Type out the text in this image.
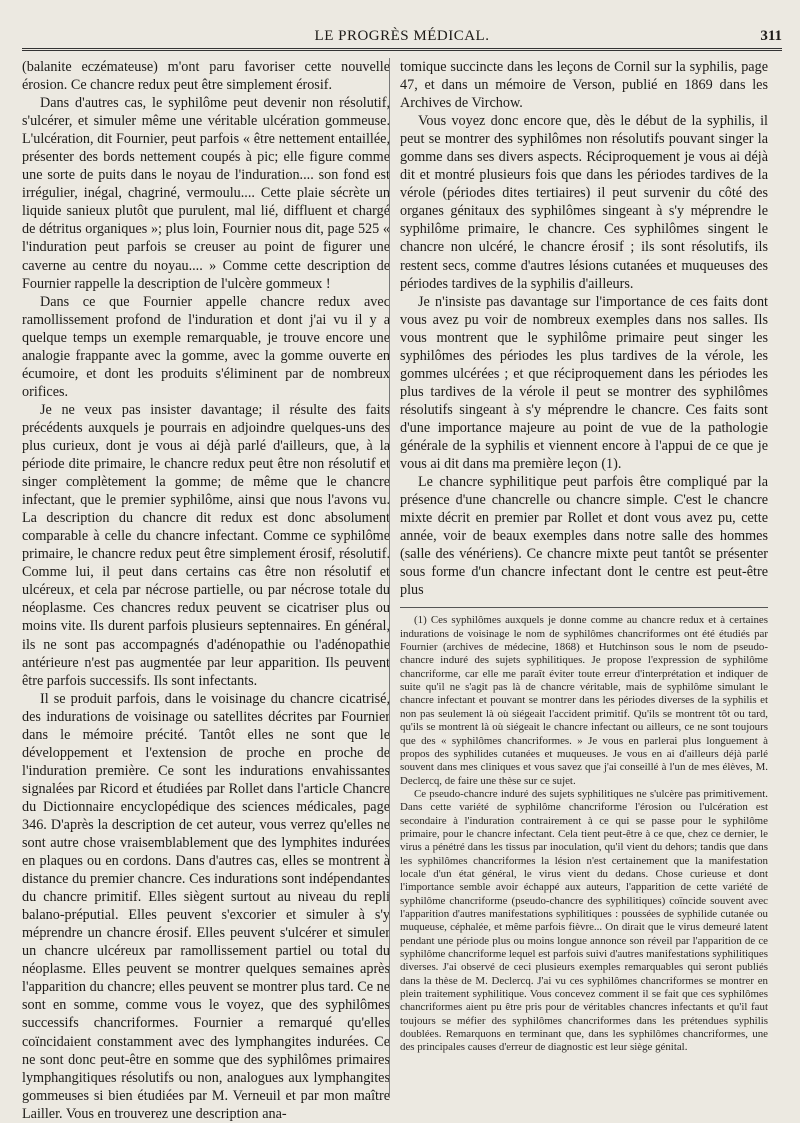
LE PROGRÈS MÉDICAL.	311

(balanite eczémateuse) m'ont paru favoriser cette nouvelle érosion. Ce chancre redux peut être simplement érosif.

Dans d'autres cas, le syphilôme peut devenir non résolutif, s'ulcérer, et simuler même une véritable ulcération gommeuse. L'ulcération, dit Fournier, peut parfois « être nettement entaillée, présenter des bords nettement coupés à pic; elle figure comme une sorte de puits dans le noyau de l'induration.... son fond est irrégulier, inégal, chagriné, vermoulu.... Cette plaie sécrète un liquide sanieux plutôt que purulent, mal lié, diffluent et chargé de détritus organiques »; plus loin, Fournier nous dit, page 525 « l'induration peut parfois se creuser au point de figurer une caverne au centre du noyau.... » Comme cette description de Fournier rappelle la description de l'ulcère gommeux !

Dans ce que Fournier appelle chancre redux avec ramollissement profond de l'induration et dont j'ai vu il y a quelque temps un exemple remarquable, je trouve encore une analogie frappante avec la gomme, avec la gomme ouverte en écumoire, et dont les produits s'éliminent par de nombreux orifices.

Je ne veux pas insister davantage; il résulte des faits précédents auxquels je pourrais en adjoindre quelques-uns des plus curieux, dont je vous ai déjà parlé d'ailleurs, que, à la période dite primaire, le chancre redux peut être non résolutif et singer complètement la gomme; de même que le chancre infectant, que le premier syphilôme, ainsi que nous l'avons vu. La description du chancre dit redux est donc absolument comparable à celle du chancre infectant. Comme ce syphilôme primaire, le chancre redux peut être simplement érosif, résolutif. Comme lui, il peut dans certains cas être non résolutif et ulcéreux, et cela par nécrose partielle, ou par nécrose totale du néoplasme. Ces chancres redux peuvent se cicatriser plus ou moins vite. Ils durent parfois plusieurs septennaires. En général, ils ne sont pas accompagnés d'adénopathie ou l'adénopathie antérieure n'est pas augmentée par leur apparition. Ils peuvent être parfois successifs. Ils sont infectants.

Il se produit parfois, dans le voisinage du chancre cicatrisé, des indurations de voisinage ou satellites décrites par Fournier dans le mémoire précité. Tantôt elles ne sont que le développement et l'extension de proche en proche de l'induration première. Ce sont les indurations envahissantes signalées par Ricord et étudiées par Rollet dans l'article Chancre du Dictionnaire encyclopédique des sciences médicales, page 346. D'après la description de cet auteur, vous verrez qu'elles ne sont autre chose vraisemblablement que des lymphites indurées en plaques ou en cordons. Dans d'autres cas, elles se montrent à distance du premier chancre. Ces indurations sont indépendantes du chancre primitif. Elles siègent surtout au niveau du repli balano-préputial. Elles peuvent s'excorier et simuler à s'y méprendre un chancre érosif. Elles peuvent s'ulcérer et simuler un chancre ulcéreux par ramollissement partiel ou total du néoplasme. Elles peuvent se montrer quelques semaines après l'apparition du chancre; elles peuvent se montrer plus tard. Ce ne sont en somme, comme vous le voyez, que des syphilômes successifs chancriformes. Fournier a remarqué qu'elles coïncidaient constamment avec des lymphangites indurées. Ce ne sont donc peut-être en somme que des syphilômes primaires lymphangitiques résolutifs ou non, analogues aux lymphangites gommeuses si bien étudiées par M. Verneuil et par mon maître Lailler. Vous en trouverez une description ana-

tomique succincte dans les leçons de Cornil sur la syphilis, page 47, et dans un mémoire de Verson, publié en 1869 dans les Archives de Virchow.

Vous voyez donc encore que, dès le début de la syphilis, il peut se montrer des syphilômes non résolutifs pouvant singer la gomme dans ses divers aspects. Réciproquement je vous ai déjà dit et montré plusieurs fois que dans les périodes tardives de la vérole (périodes dites tertiaires) il peut survenir du côté des organes génitaux des syphilômes singeant à s'y méprendre le syphilôme primaire, le chancre. Ces syphilômes singent le chancre non ulcéré, le chancre érosif ; ils sont résolutifs, ils restent secs, comme d'autres lésions cutanées et muqueuses des périodes tardives de la syphilis d'ailleurs.

Je n'insiste pas davantage sur l'importance de ces faits dont vous avez pu voir de nombreux exemples dans nos salles. Ils vous montrent que le syphilôme primaire peut singer les syphilômes des périodes les plus tardives de la vérole, les gommes ulcérées ; et que réciproquement dans les périodes les plus tardives de la vérole il peut se montrer des syphilômes résolutifs singeant à s'y méprendre le chancre. Ces faits sont d'une importance majeure au point de vue de la pathologie générale de la syphilis et viennent encore à l'appui de ce que je vous ai dit dans ma première leçon (1).

Le chancre syphilitique peut parfois être compliqué par la présence d'une chancrelle ou chancre simple. C'est le chancre mixte décrit en premier par Rollet et dont vous avez pu, cette année, voir de beaux exemples dans notre salle des hommes (salle des vénériens). Ce chancre mixte peut tantôt se présenter sous forme d'un chancre infectant dont le centre est peut-être plus

(1) Ces syphilômes auxquels je donne comme au chancre redux et à certaines indurations de voisinage le nom de syphilômes chancriformes ont été étudiés par Fournier (archives de médecine, 1868) et Hutchinson sous le nom de pseudo-chancre induré des sujets syphilitiques. Je propose l'expression de syphilôme chancriforme, car elle me paraît éviter toute erreur d'interprétation et indiquer de suite qu'il ne s'agit pas là de chancre véritable, mais de syphilôme simulant le chancre infectant et pouvant se montrer dans les périodes diverses de la syphilis et non pas seulement là où siégeait l'accident primitif. Qu'ils se montrent tôt ou tard, qu'ils se montrent là où siégeait le chancre infectant ou ailleurs, ce ne sont toujours que des « syphilômes chancriformes. » Je vous en parlerai plus longuement à propos des syphilides cutanées et muqueuses. Je vous en ai d'ailleurs déjà parlé souvent dans mes cliniques et vous savez que j'ai conseillé à l'un de mes élèves, M. Declercq, de faire une thèse sur ce sujet.

Ce pseudo-chancre induré des sujets syphilitiques ne s'ulcère pas primitivement. Dans cette variété de syphilôme chancriforme l'érosion ou l'ulcération est secondaire à l'induration contrairement à ce qui se passe pour le syphilôme primaire, pour le chancre infectant. Cela tient peut-être à ce que, chez ce dernier, le virus a pénétré dans les tissus par inoculation, qu'il vient du dehors; tandis que dans les syphilômes chancriformes la lésion n'est certainement que la manifestation locale d'un état général, le virus vient du dedans. Chose curieuse et dont l'importance semble avoir échappé aux auteurs, l'apparition de cette variété de syphilôme chancriforme (pseudo-chancre des syphilitiques) coïncide souvent avec l'apparition d'autres manifestations syphilitiques : poussées de syphilide cutanée ou muqueuse, céphalée, et même parfois fièvre... On dirait que le virus demeuré latent pendant une période plus ou moins longue annonce son réveil par l'apparition de ce syphilôme chancriforme lequel est parfois suivi d'autres manifestations syphilitiques diverses. J'ai observé de ceci plusieurs exemples remarquables qui seront publiés dans la thèse de M. Declercq. J'ai vu ces syphilômes chancriformes se montrer en plein traitement syphilitique. Vous concevez comment il se fait que ces syphilômes chancriformes aient pu être pris pour de véritables chancres infectants et qu'il faut toujours se méfier des syphilômes chancriformes dans les prétendues syphilis doublées. Remarquons en terminant que, dans les syphilômes chancriformes, une des principales causes d'erreur de diagnostic est leur siège génital.
